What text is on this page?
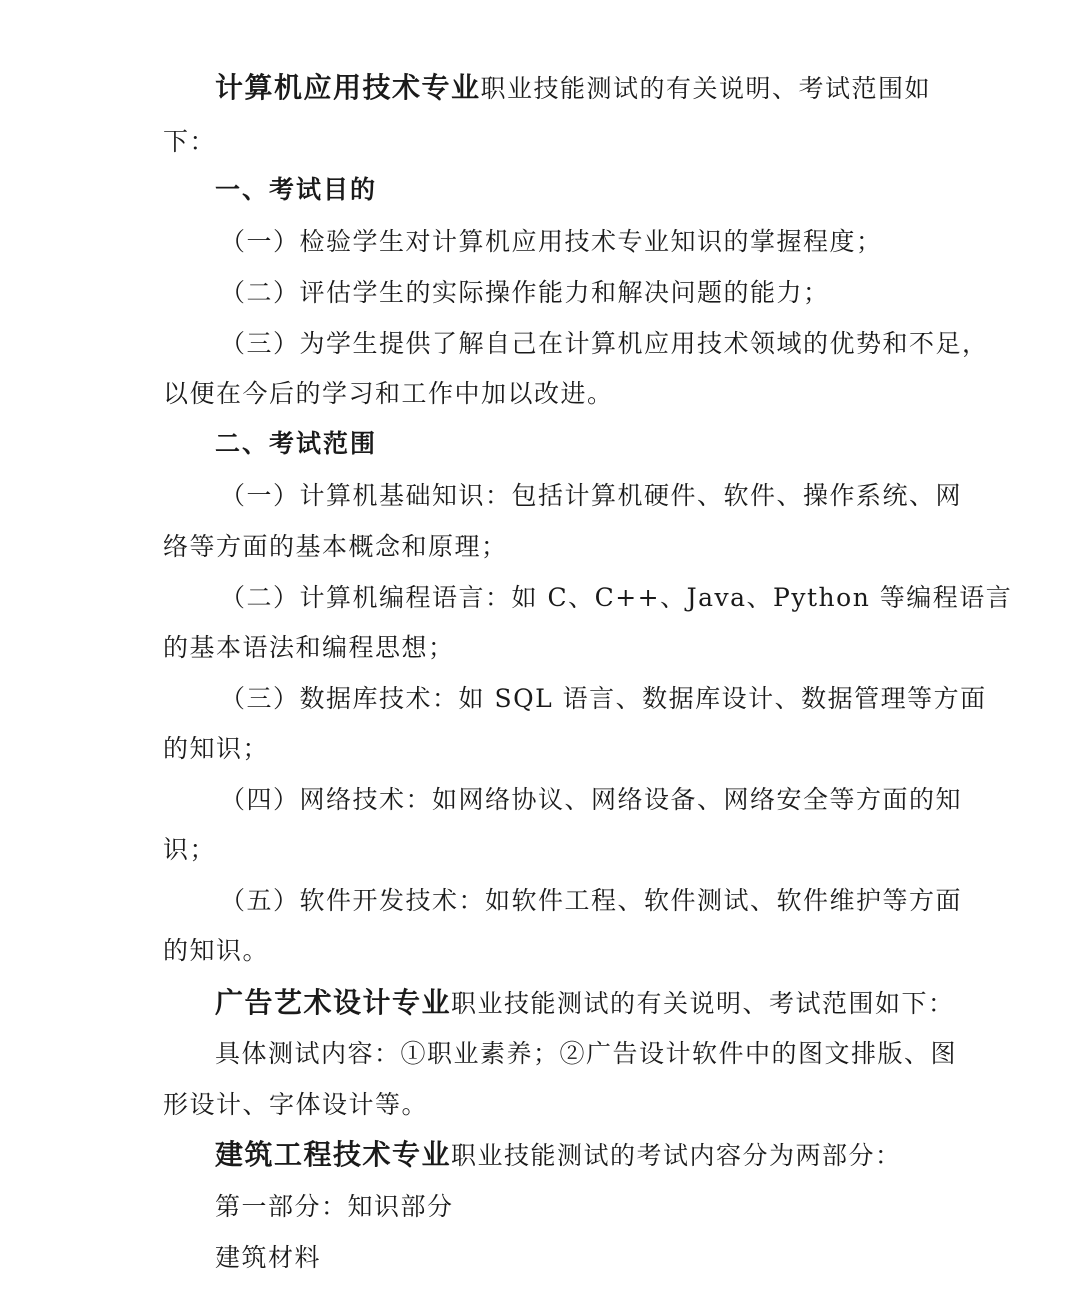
计算机应用技术专业职业技能测试的有关说明、考试范围如
下：
一、考试目的
（一）检验学生对计算机应用技术专业知识的掌握程度；
（二）评估学生的实际操作能力和解决问题的能力；
（三）为学生提供了解自己在计算机应用技术领域的优势和不足，
以便在今后的学习和工作中加以改进。
二、考试范围
（一）计算机基础知识：包括计算机硬件、软件、操作系统、网
络等方面的基本概念和原理；
（二）计算机编程语言：如 C、C++、Java、Python 等编程语言
的基本语法和编程思想；
（三）数据库技术：如 SQL 语言、数据库设计、数据管理等方面
的知识；
（四）网络技术：如网络协议、网络设备、网络安全等方面的知
识；
（五）软件开发技术：如软件工程、软件测试、软件维护等方面
的知识。
广告艺术设计专业职业技能测试的有关说明、考试范围如下：
具体测试内容：①职业素养；②广告设计软件中的图文排版、图
形设计、字体设计等。
建筑工程技术专业职业技能测试的考试内容分为两部分：
第一部分：知识部分
建筑材料
